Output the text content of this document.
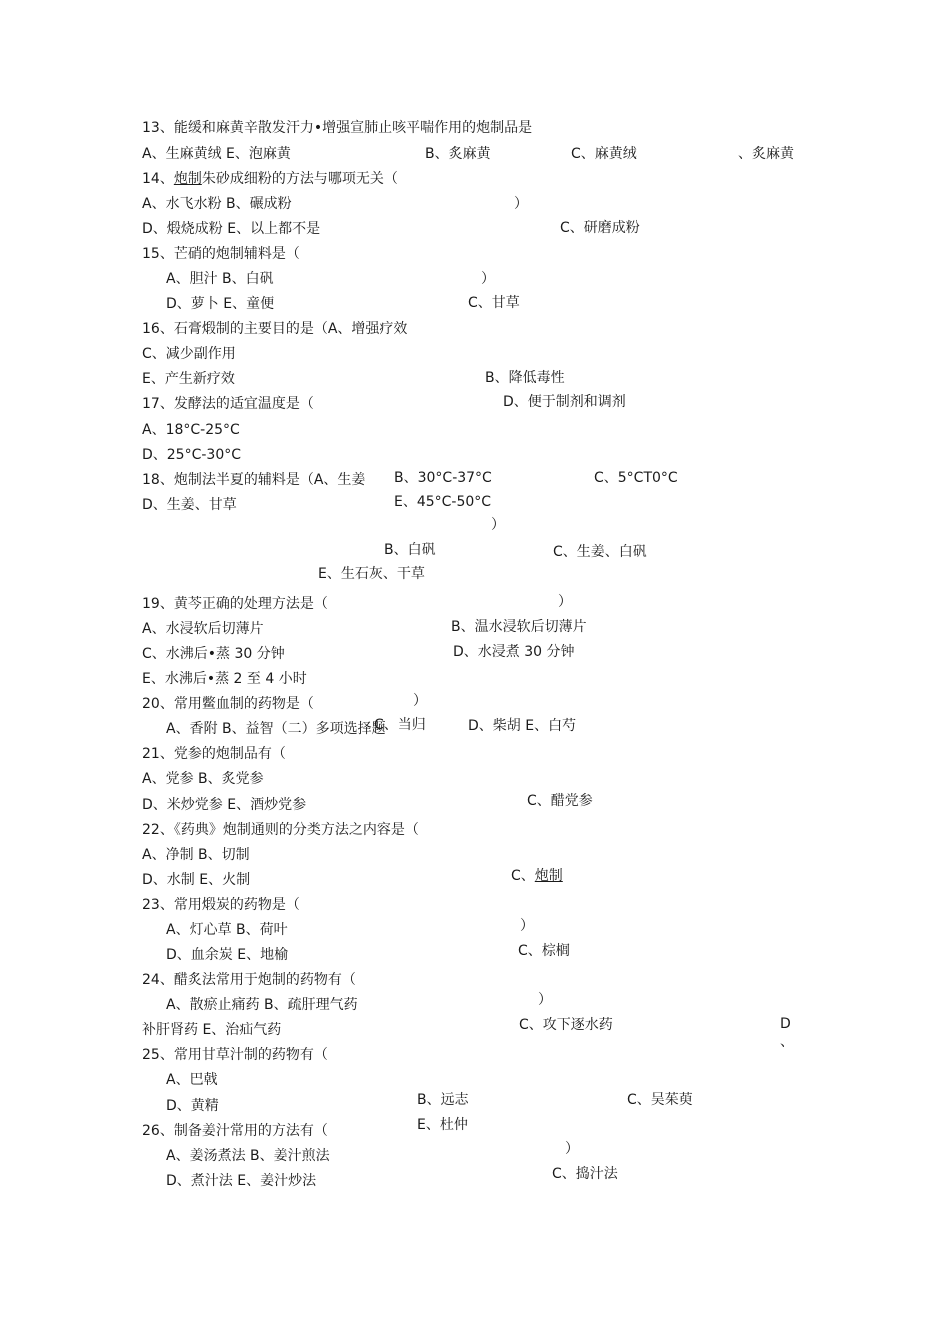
13、能缓和麻黄辛散发汗力•增强宣肺止咳平喘作用的炮制品是
A、生麻黄绒 E、泡麻黄	B、炙麻黄	C、麻黄绒	、炙麻黄
14、炮制朱砂成细粉的方法与哪项无关（
A、水飞水粉 B、碾成粉	）
D、煅烧成粉 E、以上都不是	C、研磨成粉
15、芒硝的炮制辅料是（
A、胆汁 B、白矾	）
D、萝卜 E、童便	C、甘草
16、石膏煅制的主要目的是（A、增强疗效
C、减少副作用
E、产生新疗效	B、降低毒性
17、发酵法的适宜温度是（	D、便于制剂和调剂
A、18°C-25°C
D、25°C-30°C
18、炮制法半夏的辅料是（A、生姜 B、30°C-37°C	C、5°CT0°C
D、生姜、甘草	E、45°C-50°C
）
B、白矾	C、生姜、白矾
E、生石灰、干草
19、黄芩正确的处理方法是（	）
A、水浸软后切薄片	B、温水浸软后切薄片
C、水沸后•蒸 30 分钟	D、水浸煮 30 分钟
E、水沸后•蒸 2 至 4 小时
20、常用鳖血制的药物是（	）
A、香附 B、益智（二）多项选择题
C、当归	D、柴胡 E、白芍
21、党参的炮制品有（
A、党参 B、炙党参
D、米炒党参 E、酒炒党参	C、醋党参
22、《药典》炮制通则的分类方法之内容是（
A、净制 B、切制
D、水制 E、火制	C、炮制
23、常用煅炭的药物是（
）
A、灯心草 B、荷叶
D、血余炭 E、地榆	C、棕榈
24、醋炙法常用于炮制的药物有（
）
A、散瘀止痛药 B、疏肝理气药
补肝肾药 E、治疝气药	C、攻下逐水药	D
、
25、常用甘草汁制的药物有（
A、巴戟
D、黄精	B、远志	C、吴茱萸
E、杜仲
26、制备姜汁常用的方法有（
）
A、姜汤煮法 B、姜汁煎法
C、捣汁法
D、煮汁法 E、姜汁炒法
